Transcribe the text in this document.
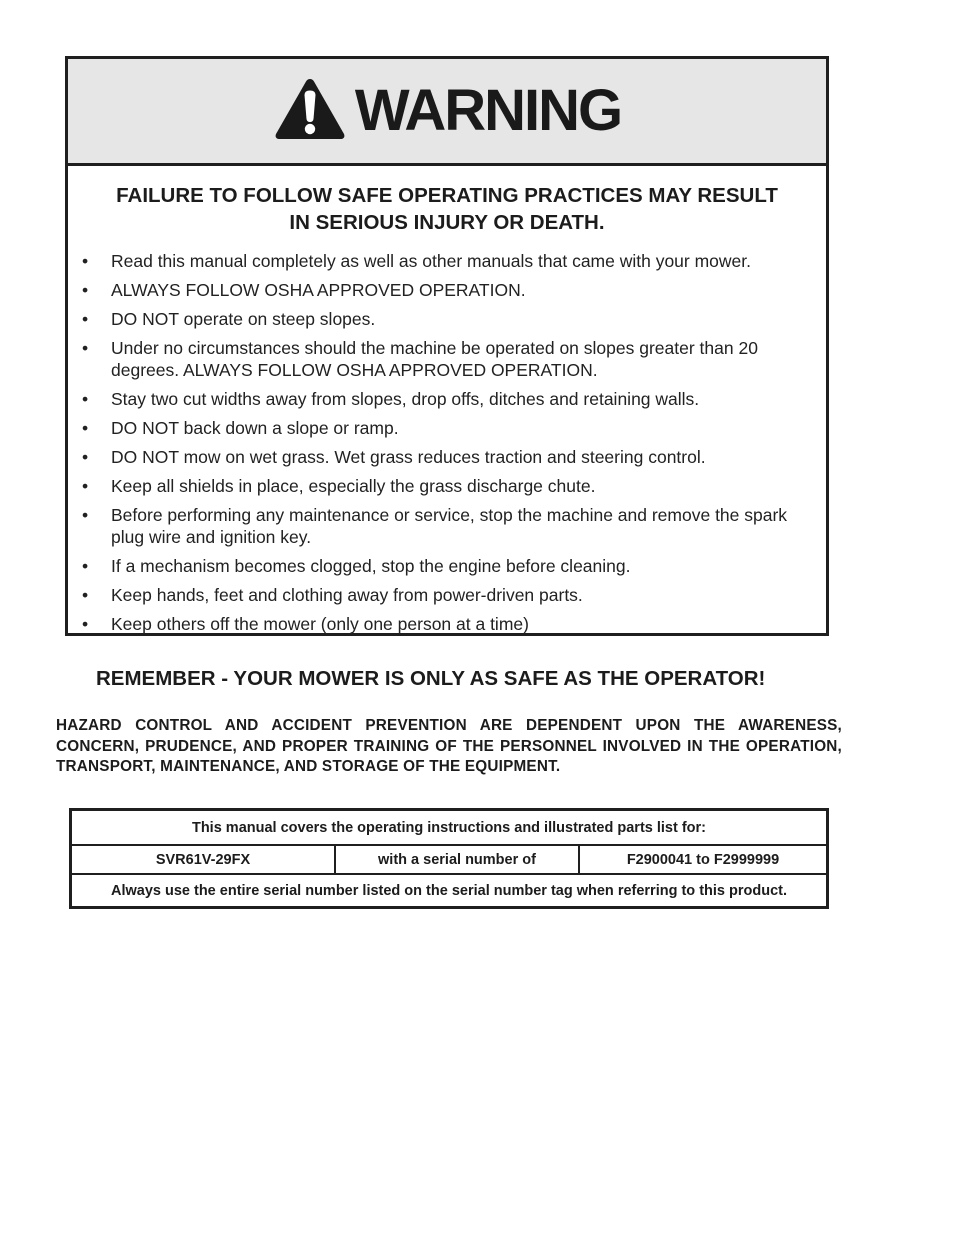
WARNING
FAILURE TO FOLLOW SAFE OPERATING PRACTICES MAY RESULT
IN SERIOUS INJURY OR DEATH.
• Read this manual completely as well as other manuals that came with your mower.
• ALWAYS FOLLOW OSHA APPROVED OPERATION.
• DO NOT operate on steep slopes.
• Under no circumstances should the machine be operated on slopes greater than 20 degrees. ALWAYS FOLLOW OSHA APPROVED OPERATION.
• Stay two cut widths away from slopes, drop offs, ditches and retaining walls.
• DO NOT back down a slope or ramp.
• DO NOT mow on wet grass. Wet grass reduces traction and steering control.
• Keep all shields in place, especially the grass discharge chute.
• Before performing any maintenance or service, stop the machine and remove the spark plug wire and ignition key.
• If a mechanism becomes clogged, stop the engine before cleaning.
• Keep hands, feet and clothing away from power-driven parts.
• Keep others off the mower (only one person at a time)
REMEMBER - YOUR MOWER IS ONLY AS SAFE AS THE OPERATOR!
HAZARD CONTROL AND ACCIDENT PREVENTION ARE DEPENDENT UPON THE AWARENESS, CONCERN, PRUDENCE, AND PROPER TRAINING OF THE PERSONNEL INVOLVED IN THE OPERATION, TRANSPORT, MAINTENANCE, AND STORAGE OF THE EQUIPMENT.
This manual covers the operating instructions and illustrated parts list for:
SVR61V-29FX	with a serial number of	F2900041 to F2999999
Always use the entire serial number listed on the serial number tag when referring to this product.
